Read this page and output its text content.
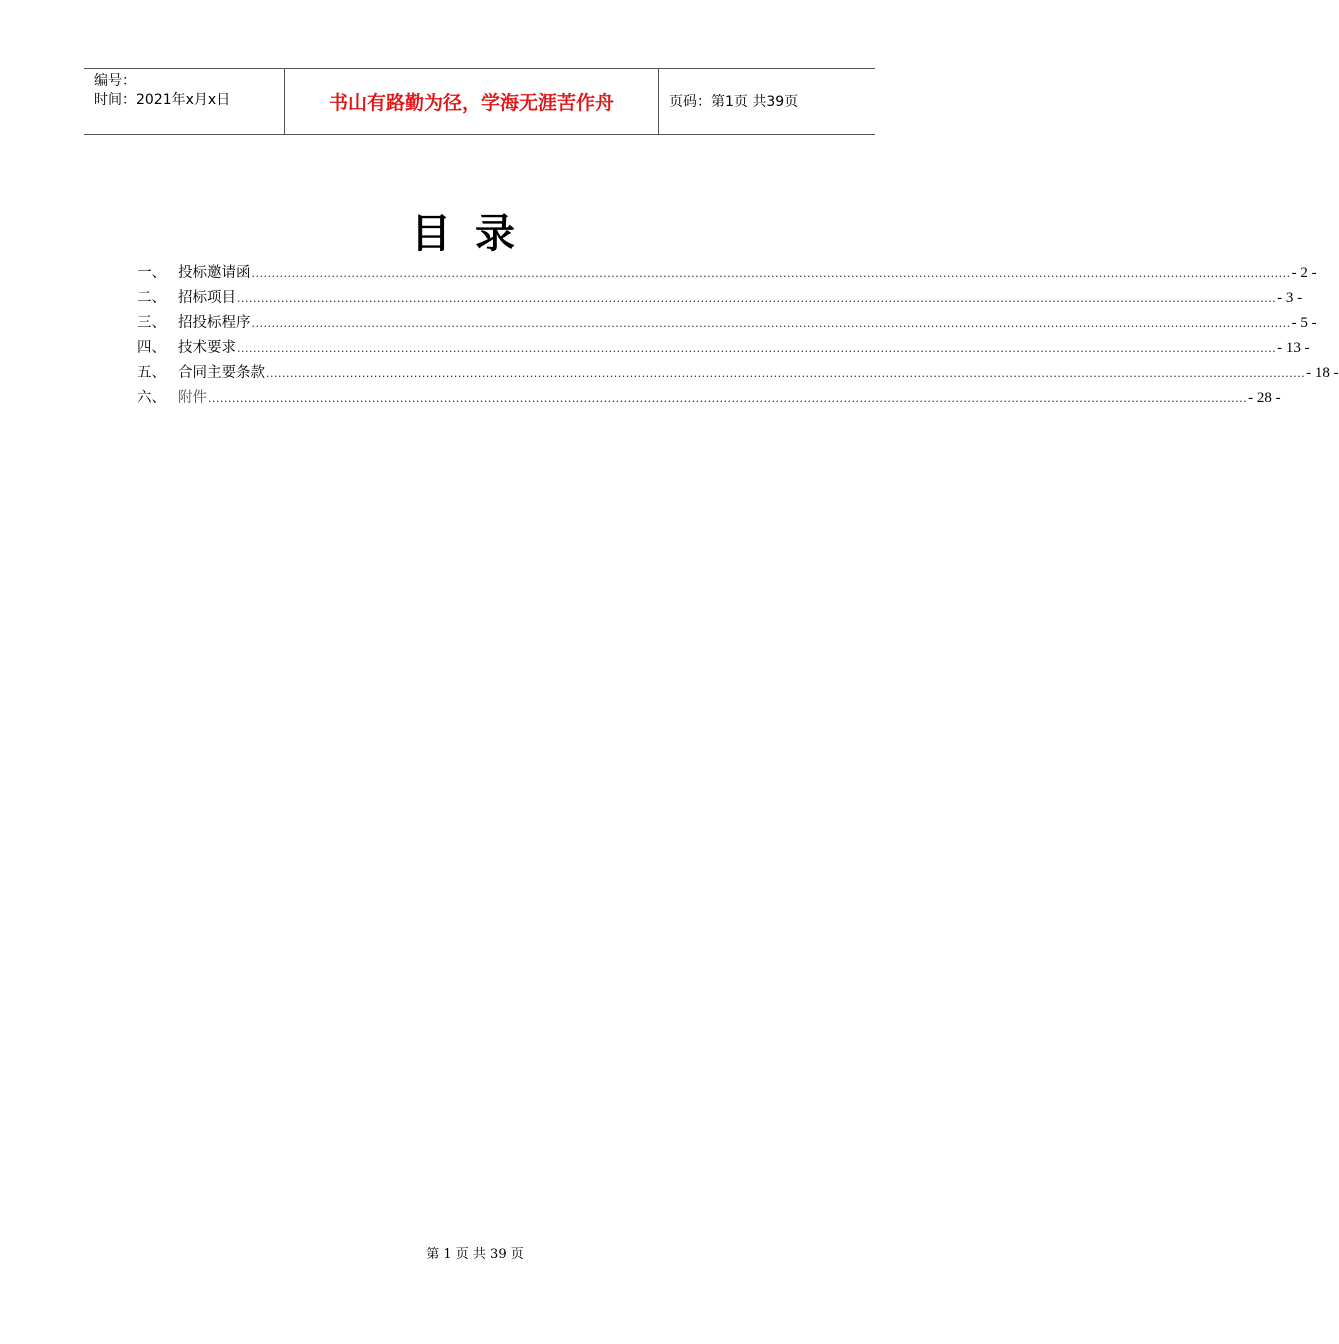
编号：
时间：2021年x月x日	书山有路勤为径，学海无涯苦作舟	页码：第1页 共39页
目录
一、 投标邀请函 .................................................................................................................................................................................................................................................................... - 2 -
二、 招标项目 .................................................................................................................................................................................................................................................................... - 3 -
三、 招投标程序 .................................................................................................................................................................................................................................................................... - 5 -
四、 技术要求 .................................................................................................................................................................................................................................................................... - 13 -
五、 合同主要条款 .................................................................................................................................................................................................................................................................... - 18 -
六、 附件 .................................................................................................................................................................................................................................................................... - 28 -
第 1 页 共 39 页
